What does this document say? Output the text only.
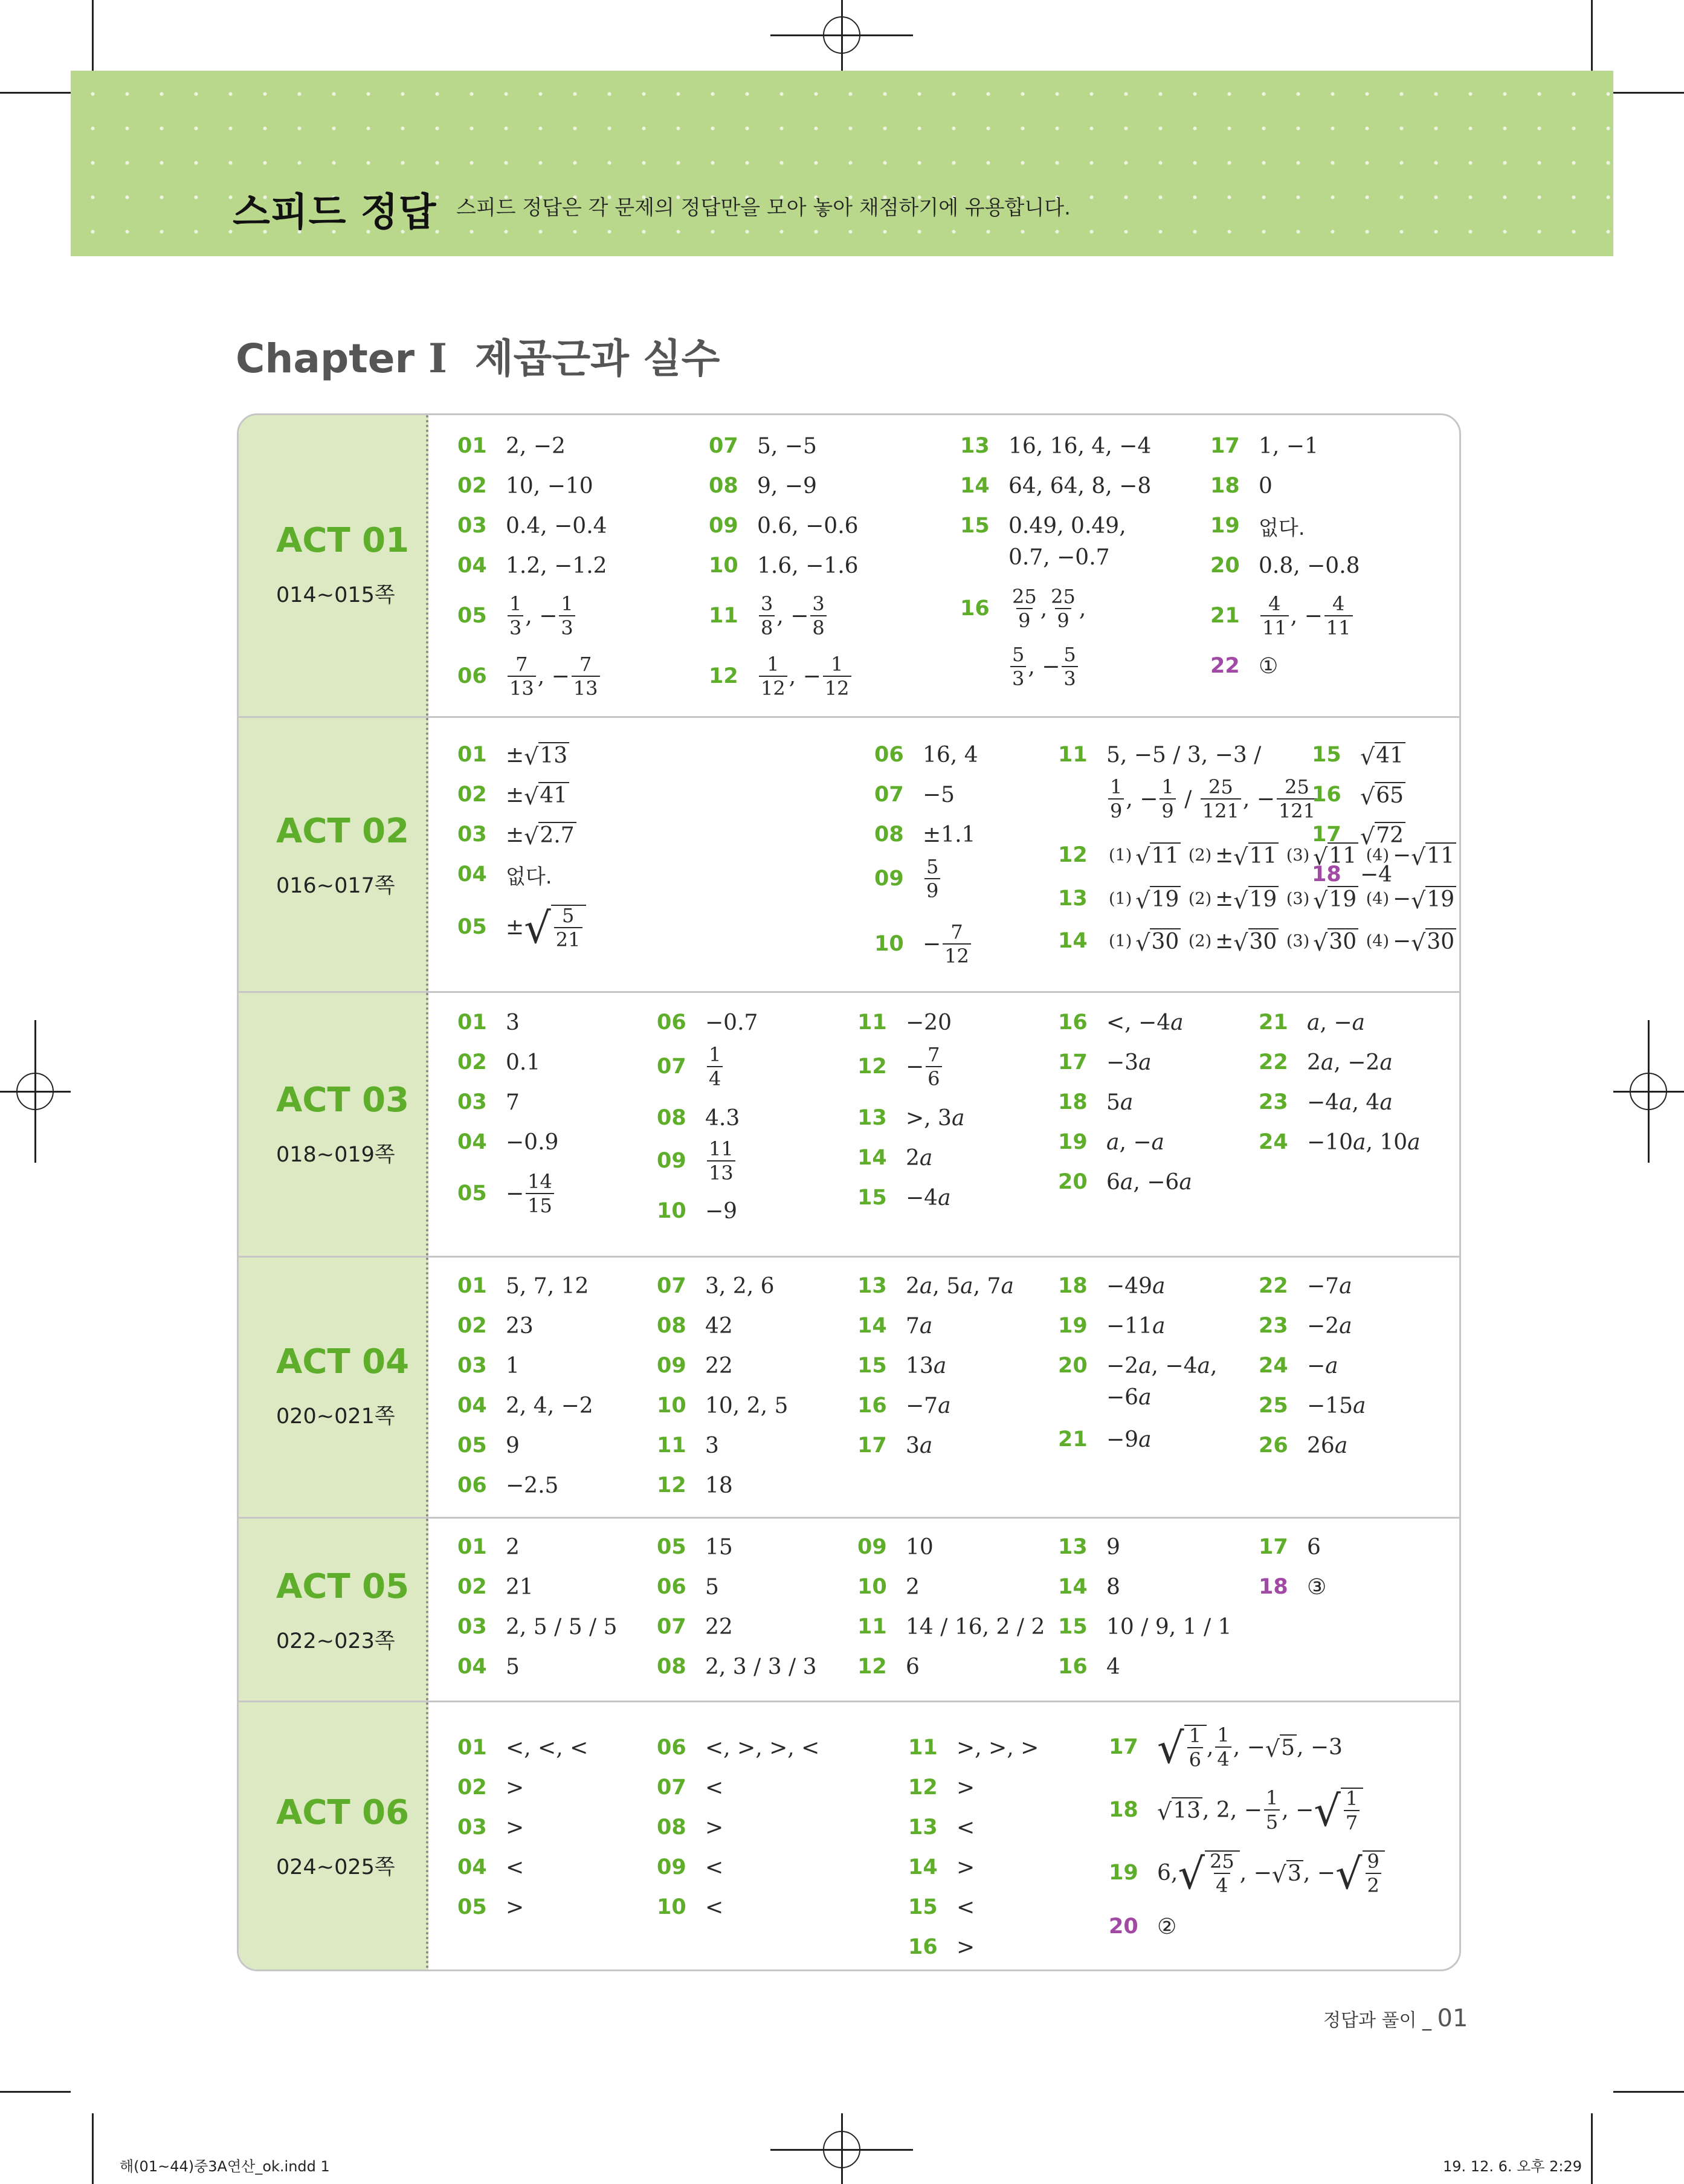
스피드 정답 스피드 정답은 각 문제의 정답만을 모아 놓아 채점하기에 유용합니다.
Chapter Ⅰ 제곱근과 실수
ACT 01
014~015쪽
01 2, −2
02 10, −10
03 0.4, −0.4
04 1.2, −1.2
05	$\frac{1}{3}$ , − $\frac{1}{3}$
06	$\frac{7}{13}$ , − $\frac{7}{13}$
07 5, −5
08 9, −9
09 0.6, −0.6
10 1.6, −1.6
11	$\frac{3}{8}$ , − $\frac{3}{8}$
12	$\frac{1}{12}$ , − $\frac{1}{12}$
13 16, 16, 4, −4
14 64, 64, 8, −8
15 0.49, 0.49,
0.7, −0.7
16	$\frac{25}{9}$ , $\frac{25}{9}$ ,
$\frac{5}{3}$ , − $\frac{5}{3}$
17 1, −1
18 0
19 없다.
20 0.8, −0.8
21	$\frac{4}{11}$ , − $\frac{4}{11}$
22 ①
ACT 02
016~017쪽
01 ± √ 13
02 ± √ 41
03 ± √ 2.7
04 없다.
05 ± √ $\frac{5}{21}$
06 16, 4
07 −5
08 ±1.1
09	$\frac{5}{9}$
$10 - \frac{7}{12}$
11 5, −5 / 3, −3 /
$\frac{1}{9}$ , − $\frac{1}{9} / \frac{25}{121}$ , − $\frac{25}{121}$
12	(1) √ 11 (2) ± √ 11 (3) √ 11 (4) − √ 11
13	(1) √ 19 (2) ± √ 19 (3) √ 19 (4) − √ 19
14	(1) √ 30 (2) ± √ 30 (3) √ 30 (4) − √ 30
15 √ 41
16 √ 65
17 √ 72
18 −4
ACT 03
018~019쪽
01 3
02 0.1
03 7
04 −0.9
$05 - \frac{14}{15}$
06 −0.7
07	$\frac{1}{4}$
08 4.3
09	$\frac{11}{13}$
10 −9
11 −20
$12 - \frac{7}{6}$
13 >, 3 a
14 2 a
15 −4 a
16 <, −4 a
17 −3 a
18 5 a
19 a , − a
20 6 a , −6 a
21 a , − a
22 2 a , −2 a
23 −4 a , 4 a
24 −10 a , 10 a
ACT 04
020~021쪽
01 5, 7, 12
02 23
03 1
04 2, 4, −2
05 9
06 −2.5
07 3, 2, 6
08 42
09 22
10 10, 2, 5
11 3
12 18
13 2 a , 5 a , 7 a
14 7 a
15 13 a
16 −7 a
17 3 a
18 −49 a
19 −11 a
20 −2 a , −4 a ,
−6 a
21 −9 a
22 −7 a
23 −2 a
24 − a
25 −15 a
26 26 a
ACT 05
022~023쪽
01 2
02 21
03 2, 5 / 5 / 5
04 5
05 15
06 5
07 22
08 2, 3 / 3 / 3
09 10
10 2
11 14 / 16, 2 / 2
12 6
13 9
14 8
15 10 / 9, 1 / 1
16 4
17 6
18 ③
ACT 06
024~025쪽
01 <, <, <
02 >
03 >
04 <
05 >
06 <, >, >, <
07 <
08 >
09 <
10 <
11 >, >, >
12 >
13 <
14 >
15 <
16 >
17 √ $\frac{1}{6}$ , $\frac{1}{4}$ , − √ 5 , −3
18 √ 13 , 2, − $\frac{1}{5}$ , − √ $\frac{1}{7}$
19 6, √ $\frac{25}{4}$ , − √ 3 , − √ $\frac{9}{2}$
20 ②
정답과 풀이 _ 01
해(01~44)중3A연산_ok.indd 1	19. 12. 6. 오후 2:29
